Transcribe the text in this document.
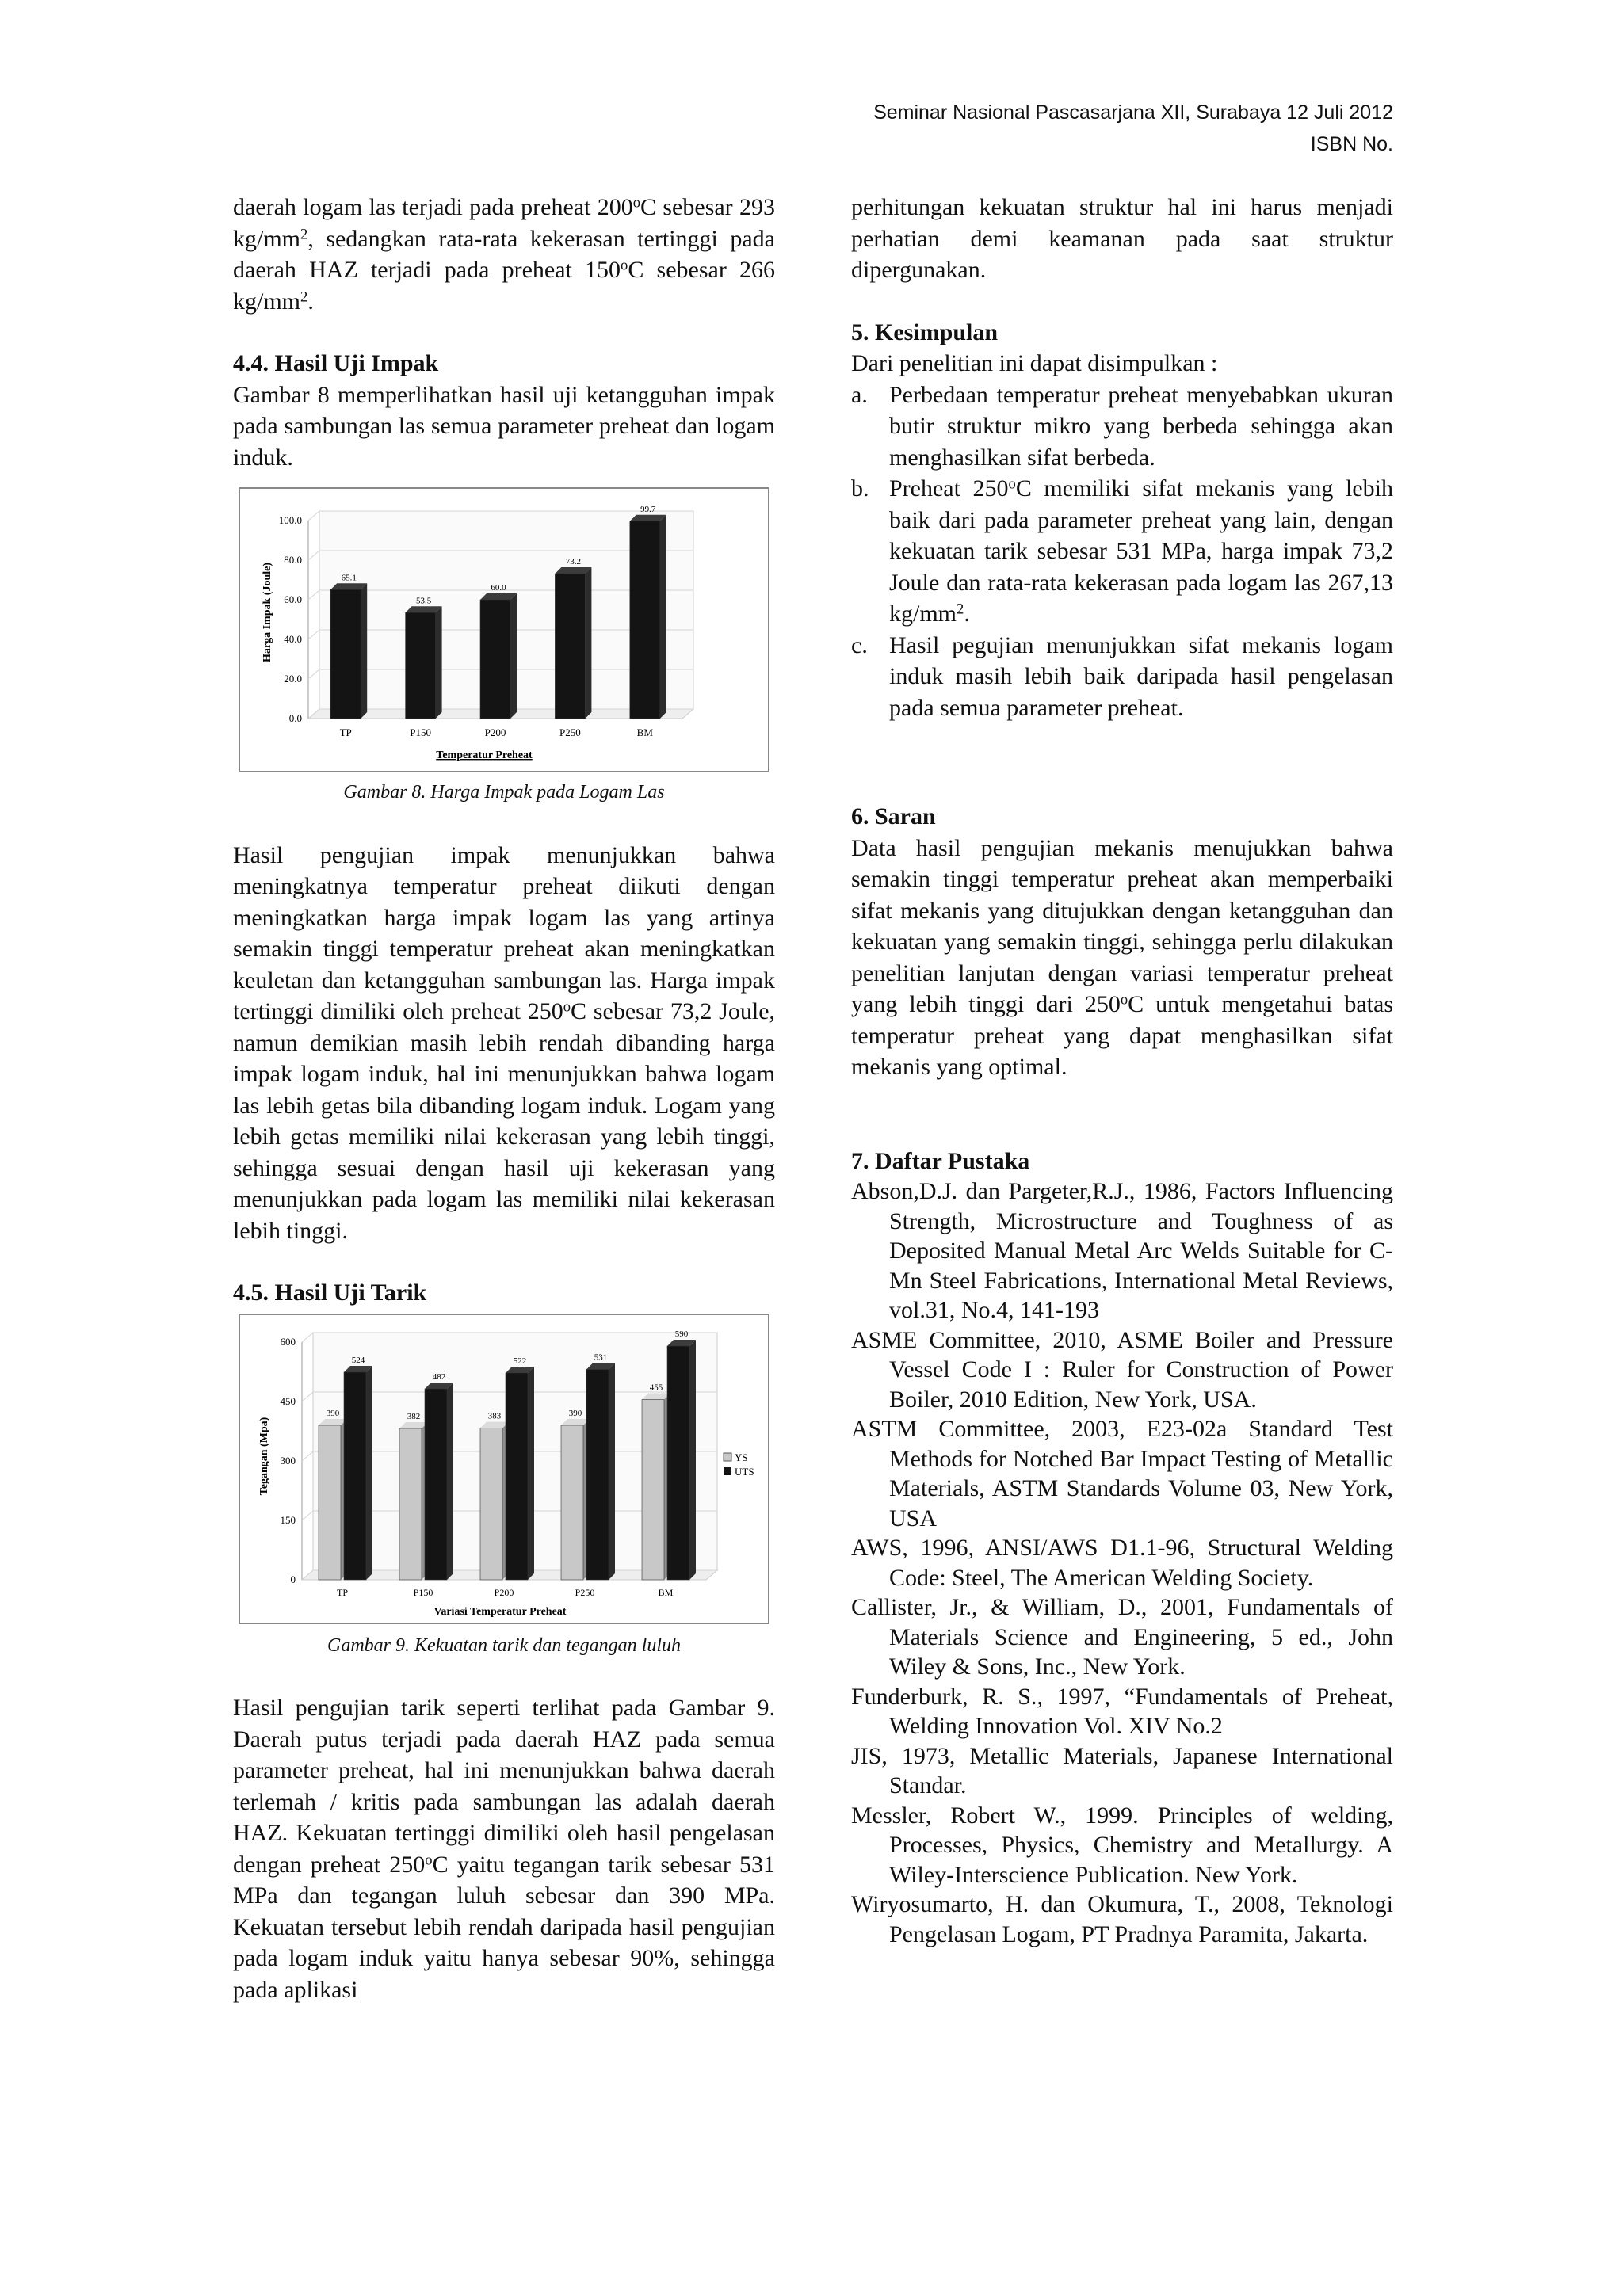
Seminar Nasional Pascasarjana XII, Surabaya 12 Juli 2012
ISBN No.

daerah logam las terjadi pada preheat 200$^o$C sebesar 293 $kg/mm^2$, sedangkan rata-rata kekerasan tertinggi pada daerah HAZ terjadi pada preheat 150$^o$C sebesar 266 $kg/mm^2$.

4.4. Hasil Uji Impak

Gambar 8 memperlihatkan hasil uji ketangguhan impak pada sambungan las semua parameter preheat dan logam induk.

0.0
20.0
40.0
60.0
80.0
100.0
65.1
TP
53.5
P150
60.0
P200
73.2
P250
99.7
BM
Harga Impak (Joule)
Temperatur Preheat

Gambar 8. Harga Impak pada Logam Las

Hasil pengujian impak menunjukkan bahwa meningkatnya temperatur preheat diikuti dengan meningkatkan harga impak logam las yang artinya semakin tinggi temperatur preheat akan meningkatkan keuletan dan ketangguhan sambungan las. Harga impak tertinggi dimiliki oleh preheat 250$^o$C sebesar 73,2 Joule, namun demikian masih lebih rendah dibanding harga impak logam induk, hal ini menunjukkan bahwa logam las lebih getas bila dibanding logam induk. Logam yang lebih getas memiliki nilai kekerasan yang lebih tinggi, sehingga sesuai dengan hasil uji kekerasan yang menunjukkan pada logam las memiliki nilai kekerasan lebih tinggi.

4.5. Hasil Uji Tarik

0
150
300
450
600
390
524
TP
382
482
P150
383
522
P200
390
531
P250
455
590
BM
Tegangan (Mpa)
Variasi Temperatur Preheat
YS
UTS

Gambar 9. Kekuatan tarik dan tegangan luluh

Hasil pengujian tarik seperti terlihat pada Gambar 9. Daerah putus terjadi pada daerah HAZ pada semua parameter preheat, hal ini menunjukkan bahwa daerah terlemah / kritis pada sambungan las adalah daerah HAZ. Kekuatan tertinggi dimiliki oleh hasil pengelasan dengan preheat 250$^o$C yaitu tegangan tarik sebesar 531 MPa dan tegangan luluh sebesar dan 390 MPa. Kekuatan tersebut lebih rendah daripada hasil pengujian pada logam induk yaitu hanya sebesar 90%, sehingga pada aplikasi

perhitungan kekuatan struktur hal ini harus menjadi perhatian demi keamanan pada saat struktur dipergunakan.

5. Kesimpulan

Dari penelitian ini dapat disimpulkan :

a. Perbedaan temperatur preheat menyebabkan ukuran butir struktur mikro yang berbeda sehingga akan menghasilkan sifat berbeda.
b. Preheat 250$^o$C memiliki sifat mekanis yang lebih baik dari pada parameter preheat yang lain, dengan kekuatan tarik sebesar 531 MPa, harga impak 73,2 Joule dan rata-rata kekerasan pada logam las 267,13 $kg/mm^2$.
c. Hasil pegujian menunjukkan sifat mekanis logam induk masih lebih baik daripada hasil pengelasan pada semua parameter preheat.

6. Saran

Data hasil pengujian mekanis menujukkan bahwa semakin tinggi temperatur preheat akan memperbaiki sifat mekanis yang ditujukkan dengan ketangguhan dan kekuatan yang semakin tinggi, sehingga perlu dilakukan penelitian lanjutan dengan variasi temperatur preheat yang lebih tinggi dari 250$^o$C untuk mengetahui batas temperatur preheat yang dapat menghasilkan sifat mekanis yang optimal.

7. Daftar Pustaka

Abson,D.J. dan Pargeter,R.J., 1986, Factors Influencing Strength, Microstructure and Toughness of as Deposited Manual Metal Arc Welds Suitable for C-Mn Steel Fabrications, International Metal Reviews, vol.31, No.4, 141-193

ASME Committee, 2010, ASME Boiler and Pressure Vessel Code I : Ruler for Construction of Power Boiler, 2010 Edition, New York, USA.

ASTM Committee, 2003, E23-02a Standard Test Methods for Notched Bar Impact Testing of Metallic Materials, ASTM Standards Volume 03, New York, USA

AWS, 1996, ANSI/AWS D1.1-96, Structural Welding Code: Steel, The American Welding Society.

Callister, Jr., & William, D., 2001, Fundamentals of Materials Science and Engineering, 5 ed., John Wiley & Sons, Inc., New York.

Funderburk, R. S., 1997, “Fundamentals of Preheat, Welding Innovation Vol. XIV No.2

JIS, 1973, Metallic Materials, Japanese International Standar.

Messler, Robert W., 1999. Principles of welding, Processes, Physics, Chemistry and Metallurgy. A Wiley-Interscience Publication. New York.

Wiryosumarto, H. dan Okumura, T., 2008, Teknologi Pengelasan Logam, PT Pradnya Paramita, Jakarta.
